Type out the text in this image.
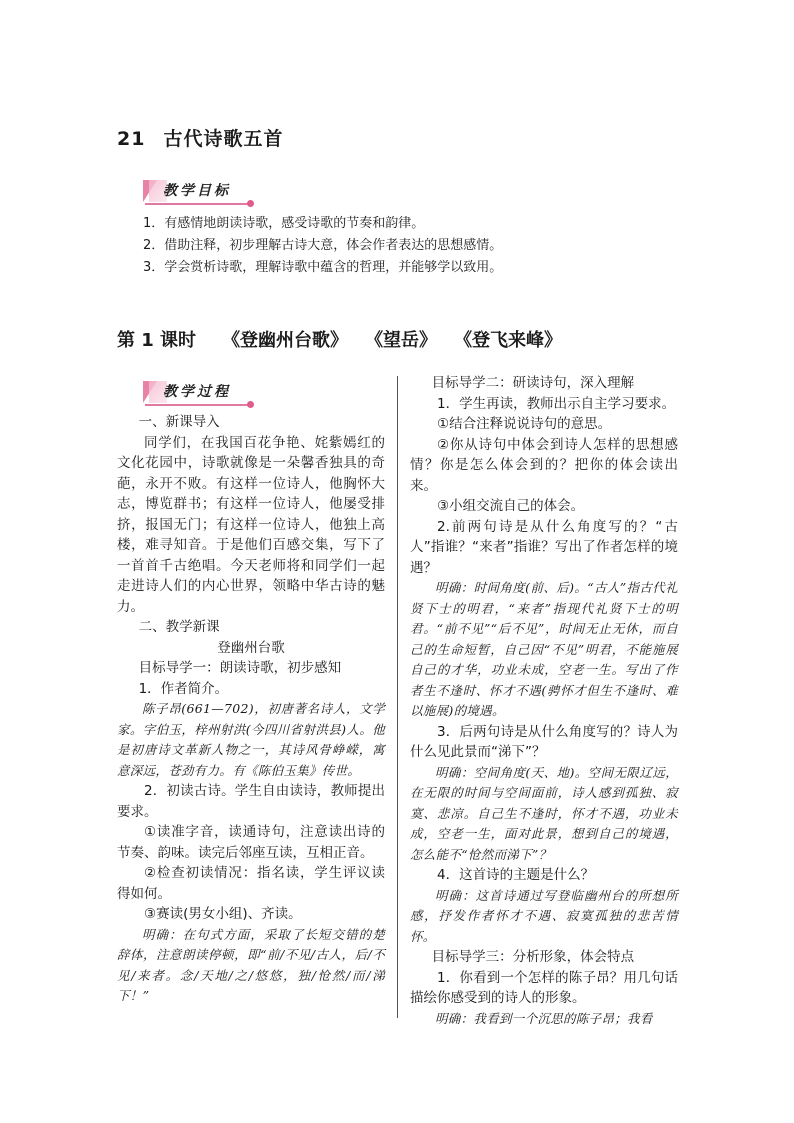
21 古代诗歌五首
教学目标
1．有感情地朗读诗歌，感受诗歌的节奏和韵律。
2．借助注释，初步理解古诗大意，体会作者表达的思想感情。
3．学会赏析诗歌，理解诗歌中蕴含的哲理，并能够学以致用。
第 1 课时 《登幽州台歌》 《望岳》 《登飞来峰》
教学过程

一、新课导入

同学们，在我国百花争艳、姹紫嫣红的文化花园中，诗歌就像是一朵馨香独具的奇葩，永开不败。有这样一位诗人，他胸怀大志，博览群书；有这样一位诗人，他屡受排挤，报国无门；有这样一位诗人，他独上高楼，难寻知音。于是他们百感交集，写下了一首首千古绝唱。今天老师将和同学们一起走进诗人们的内心世界，领略中华古诗的魅力。

二、教学新课

登幽州台歌

目标导学一：朗读诗歌，初步感知

1．作者简介。

陈子昂(661—702)，初唐著名诗人，文学家。字伯玉，梓州射洪(今四川省射洪县)人。他是初唐诗文革新人物之一，其诗风骨峥嵘，寓意深远，苍劲有力。有《陈伯玉集》传世。

2．初读古诗。学生自由读诗，教师提出要求。

①读准字音，读通诗句，注意读出诗的节奏、韵味。读完后邻座互读，互相正音。

②检查初读情况：指名读，学生评议读得如何。

③赛读(男女小组)、齐读。

明确：在句式方面，采取了长短交错的楚辞体，注意朗读停顿，即“前/不见/古人，后/不见/来者。念/天地/之/悠悠，独/怆然/而/涕下！”

目标导学二：研读诗句，深入理解

1．学生再读，教师出示自主学习要求。

①结合注释说说诗句的意思。

②你从诗句中体会到诗人怎样的思想感情？你是怎么体会到的？把你的体会读出来。

③小组交流自己的体会。

2.前两句诗是从什么角度写的？“古人”指谁？“来者”指谁？写出了作者怎样的境遇？

明确：时间角度(前、后)。“古人”指古代礼贤下士的明君，“来者”指现代礼贤下士的明君。“前不见”“后不见”，时间无止无休，而自己的生命短暂，自己因“不见”明君，不能施展自己的才华，功业未成，空老一生。写出了作者生不逢时、怀才不遇(骋怀才但生不逢时、难以施展)的境遇。

3．后两句诗是从什么角度写的？诗人为什么见此景而“涕下”？

明确：空间角度(天、地)。空间无限辽远，在无限的时间与空间面前，诗人感到孤独、寂寞、悲凉。自己生不逢时，怀才不遇，功业未成，空老一生，面对此景，想到自己的境遇，怎么能不“怆然而涕下”？

4．这首诗的主题是什么？

明确：这首诗通过写登临幽州台的所想所感，抒发作者怀才不遇、寂寞孤独的悲苦情怀。

目标导学三：分析形象，体会特点

1．你看到一个怎样的陈子昂？用几句话描绘你感受到的诗人的形象。

明确：我看到一个沉思的陈子昂；我看
